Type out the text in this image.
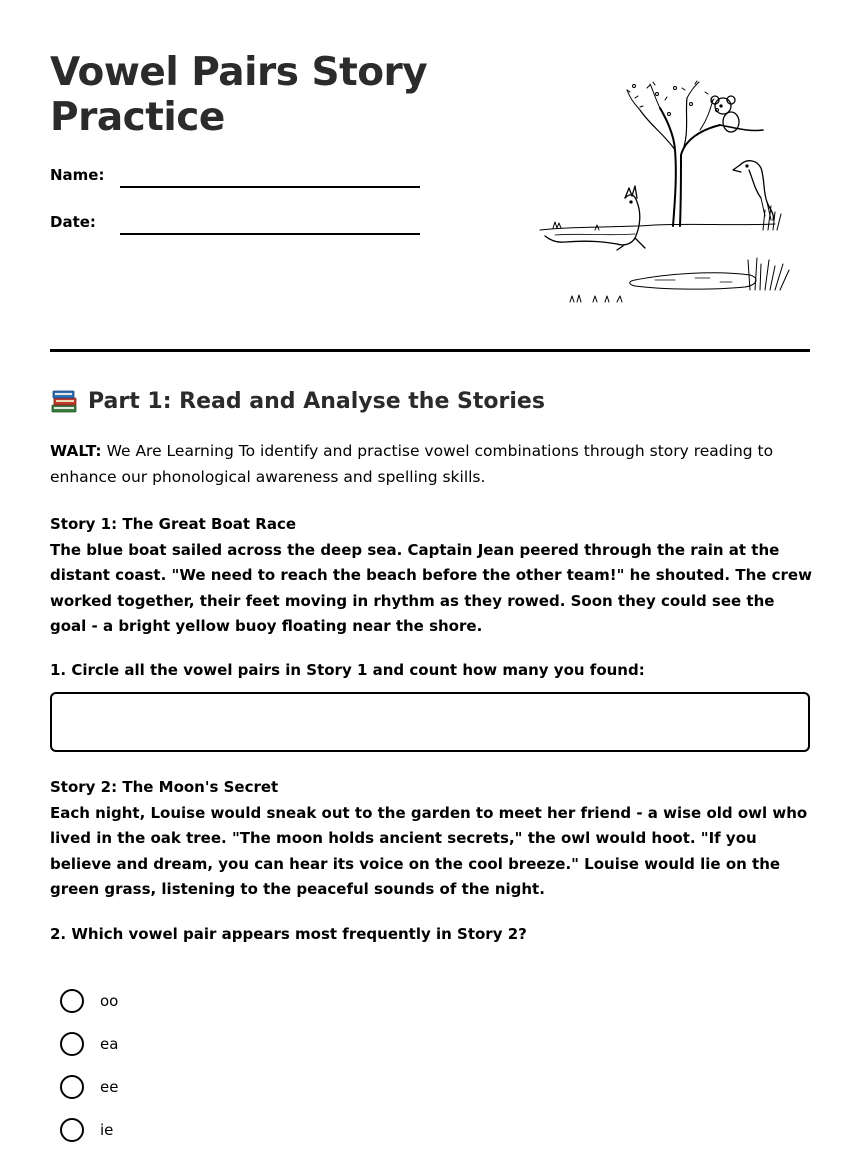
Vowel Pairs Story Practice
Name:
Date:
Part 1: Read and Analyse the Stories

WALT: We Are Learning To identify and practise vowel combinations through story reading to enhance our phonological awareness and spelling skills.

Story 1: The Great Boat Race
The blue boat sailed across the deep sea. Captain Jean peered through the rain at the distant coast. "We need to reach the beach before the other team!" he shouted. The crew worked together, their feet moving in rhythm as they rowed. Soon they could see the goal - a bright yellow buoy floating near the shore.

1. Circle all the vowel pairs in Story 1 and count how many you found:

Story 2: The Moon's Secret
Each night, Louise would sneak out to the garden to meet her friend - a wise old owl who lived in the oak tree. "The moon holds ancient secrets," the owl would hoot. "If you believe and dream, you can hear its voice on the cool breeze." Louise would lie on the green grass, listening to the peaceful sounds of the night.

2. Which vowel pair appears most frequently in Story 2?

oo
ea
ee
ie
